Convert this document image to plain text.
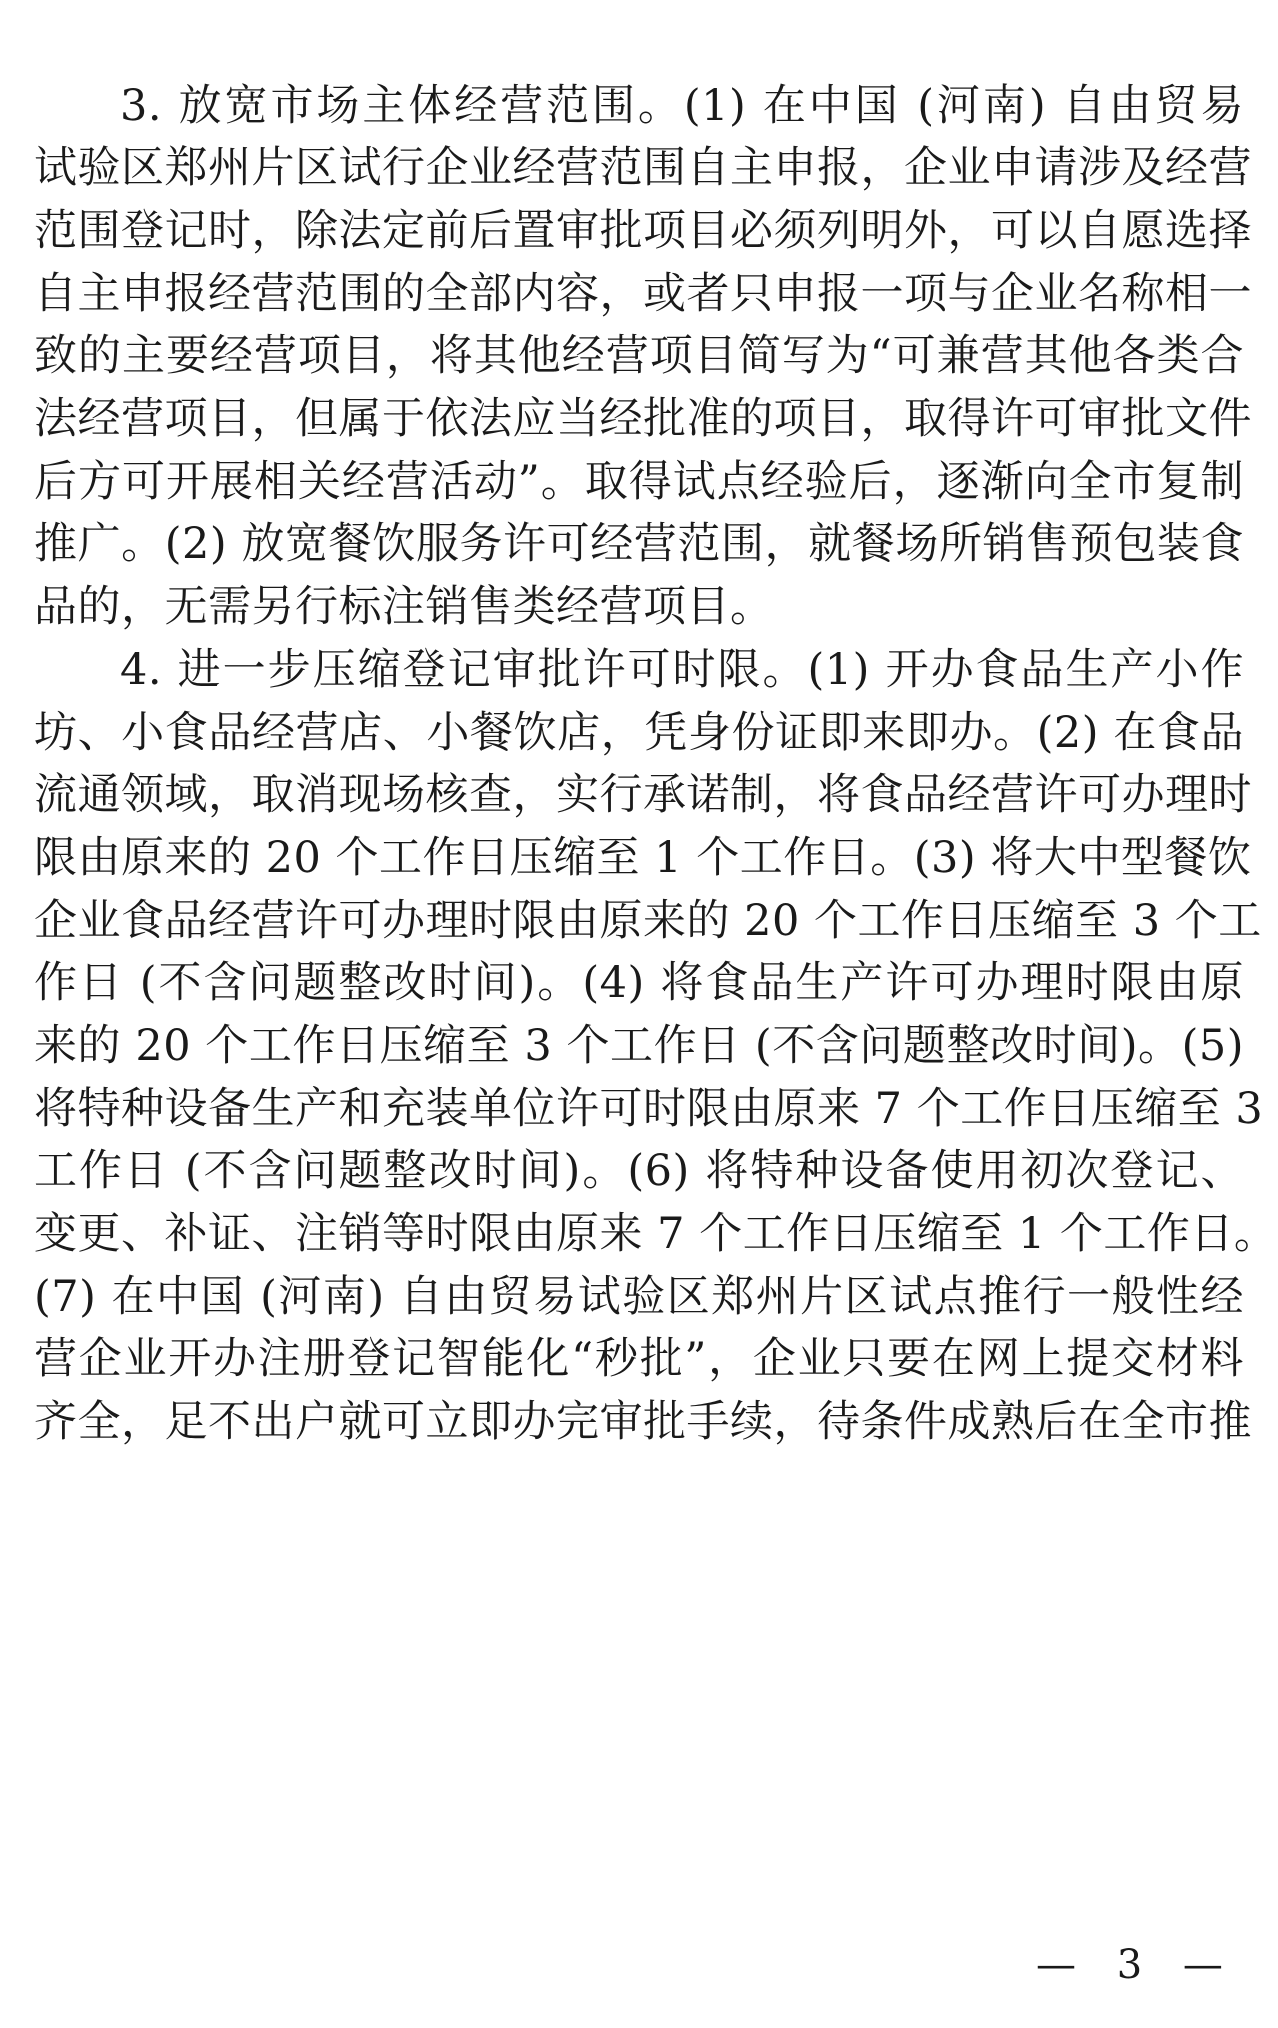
3. 放宽市场主体经营范围。(1) 在中国 (河南) 自由贸易
试验区郑州片区试行企业经营范围自主申报，企业申请涉及经营
范围登记时，除法定前后置审批项目必须列明外，可以自愿选择
自主申报经营范围的全部内容，或者只申报一项与企业名称相一
致的主要经营项目，将其他经营项目简写为“可兼营其他各类合
法经营项目，但属于依法应当经批准的项目，取得许可审批文件
后方可开展相关经营活动”。取得试点经验后，逐渐向全市复制
推广。(2) 放宽餐饮服务许可经营范围，就餐场所销售预包装食
品的，无需另行标注销售类经营项目。
4. 进一步压缩登记审批许可时限。(1) 开办食品生产小作
坊、小食品经营店、小餐饮店，凭身份证即来即办。(2) 在食品
流通领域，取消现场核查，实行承诺制，将食品经营许可办理时
限由原来的 20 个工作日压缩至 1 个工作日。(3) 将大中型餐饮
企业食品经营许可办理时限由原来的 20 个工作日压缩至 3 个工
作日 (不含问题整改时间)。(4) 将食品生产许可办理时限由原
来的 20 个工作日压缩至 3 个工作日 (不含问题整改时间)。(5)
将特种设备生产和充装单位许可时限由原来 7 个工作日压缩至 3
工作日 (不含问题整改时间)。(6) 将特种设备使用初次登记、
变更、补证、注销等时限由原来 7 个工作日压缩至 1 个工作日。
(7) 在中国 (河南) 自由贸易试验区郑州片区试点推行一般性经
营企业开办注册登记智能化“秒批”，企业只要在网上提交材料
齐全，足不出户就可立即办完审批手续，待条件成熟后在全市推
— 3 —
